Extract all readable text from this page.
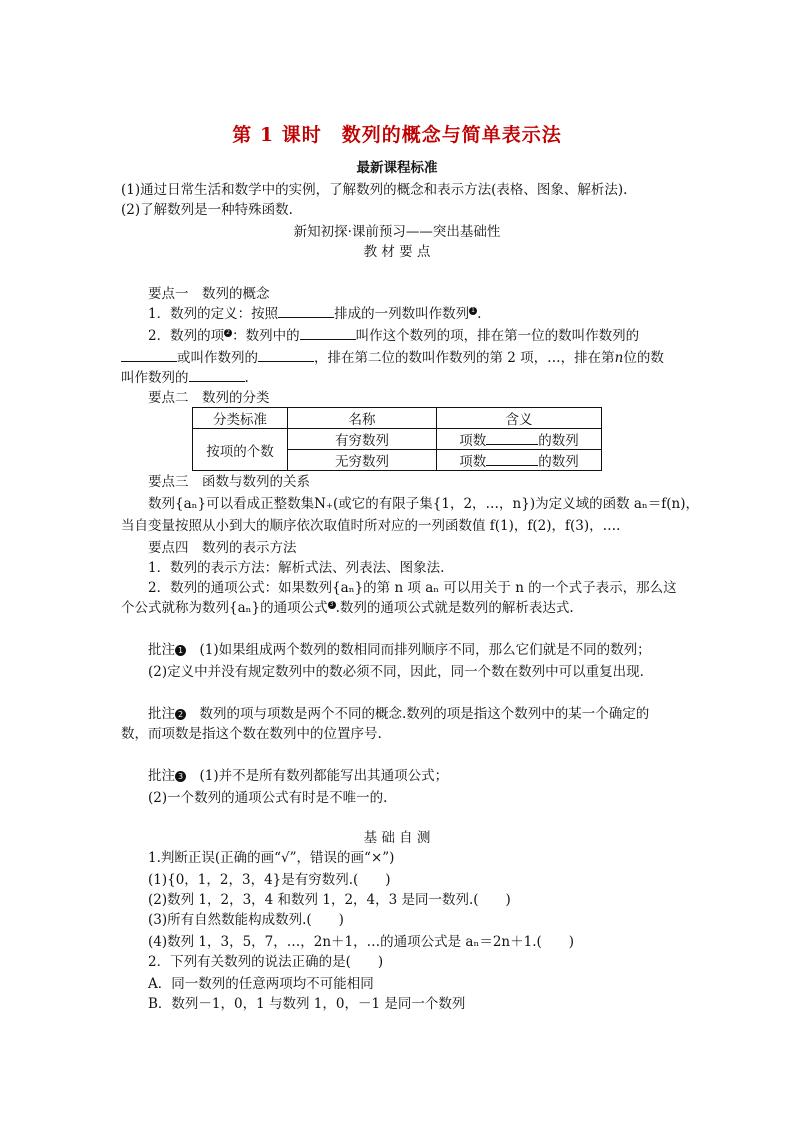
第 1 课时　数列的概念与简单表示法
最新课程标准
(1)通过日常生活和数学中的实例，了解数列的概念和表示方法(表格、图象、解析法).
(2)了解数列是一种特殊函数.
新知初探·课前预习——突出基础性
教 材 要 点
要点一　数列的概念
1．数列的定义：按照	排成的一列数叫作数列 1 .
2．数列的项 2 ：数列中的	叫作这个数列的项，排在第一位的数叫作数列的
或叫作数列的	，排在第二位的数叫作数列的第 2 项，…，排在第n位的数
叫作数列的	.
要点二　数列的分类
分类标准	名称	含义
按项的个数	有穷数列	项数 的数列
	无穷数列	项数 的数列
要点三　函数与数列的关系
数列{aₙ}可以看成正整数集N₊(或它的有限子集{1，2，…，n})为定义域的函数 aₙ＝f(n)，
当自变量按照从小到大的顺序依次取值时所对应的一列函数值 f(1)，f(2)，f(3)，….
要点四　数列的表示方法
1．数列的表示方法：解析式法、列表法、图象法.
2．数列的通项公式：如果数列{aₙ}的第 n 项 aₙ 可以用关于 n 的一个式子表示，那么这
个公式就称为数列{aₙ}的通项公式 3 .数列的通项公式就是数列的解析表达式.
批注 1　 (1)如果组成两个数列的数相同而排列顺序不同，那么它们就是不同的数列；
(2)定义中并没有规定数列中的数必须不同，因此，同一个数在数列中可以重复出现.
批注 2　 数列的项与项数是两个不同的概念.数列的项是指这个数列中的某一个确定的
数，而项数是指这个数在数列中的位置序号.
批注 3　 (1)并不是所有数列都能写出其通项公式；
(2)一个数列的通项公式有时是不唯一的.
基 础 自 测
1.判断正误(正确的画“√”，错误的画“×”)
(1){0，1，2，3，4}是有穷数列.(　　)
(2)数列 1，2，3，4 和数列 1，2，4，3 是同一数列.(　　)
(3)所有自然数能构成数列.(　　)
(4)数列 1，3，5，7，…，2n＋1，…的通项公式是 aₙ＝2n＋1.(　　)
2．下列有关数列的说法正确的是(　　)
A．同一数列的任意两项均不可能相同
B．数列－1，0，1 与数列 1，0，－1 是同一个数列
